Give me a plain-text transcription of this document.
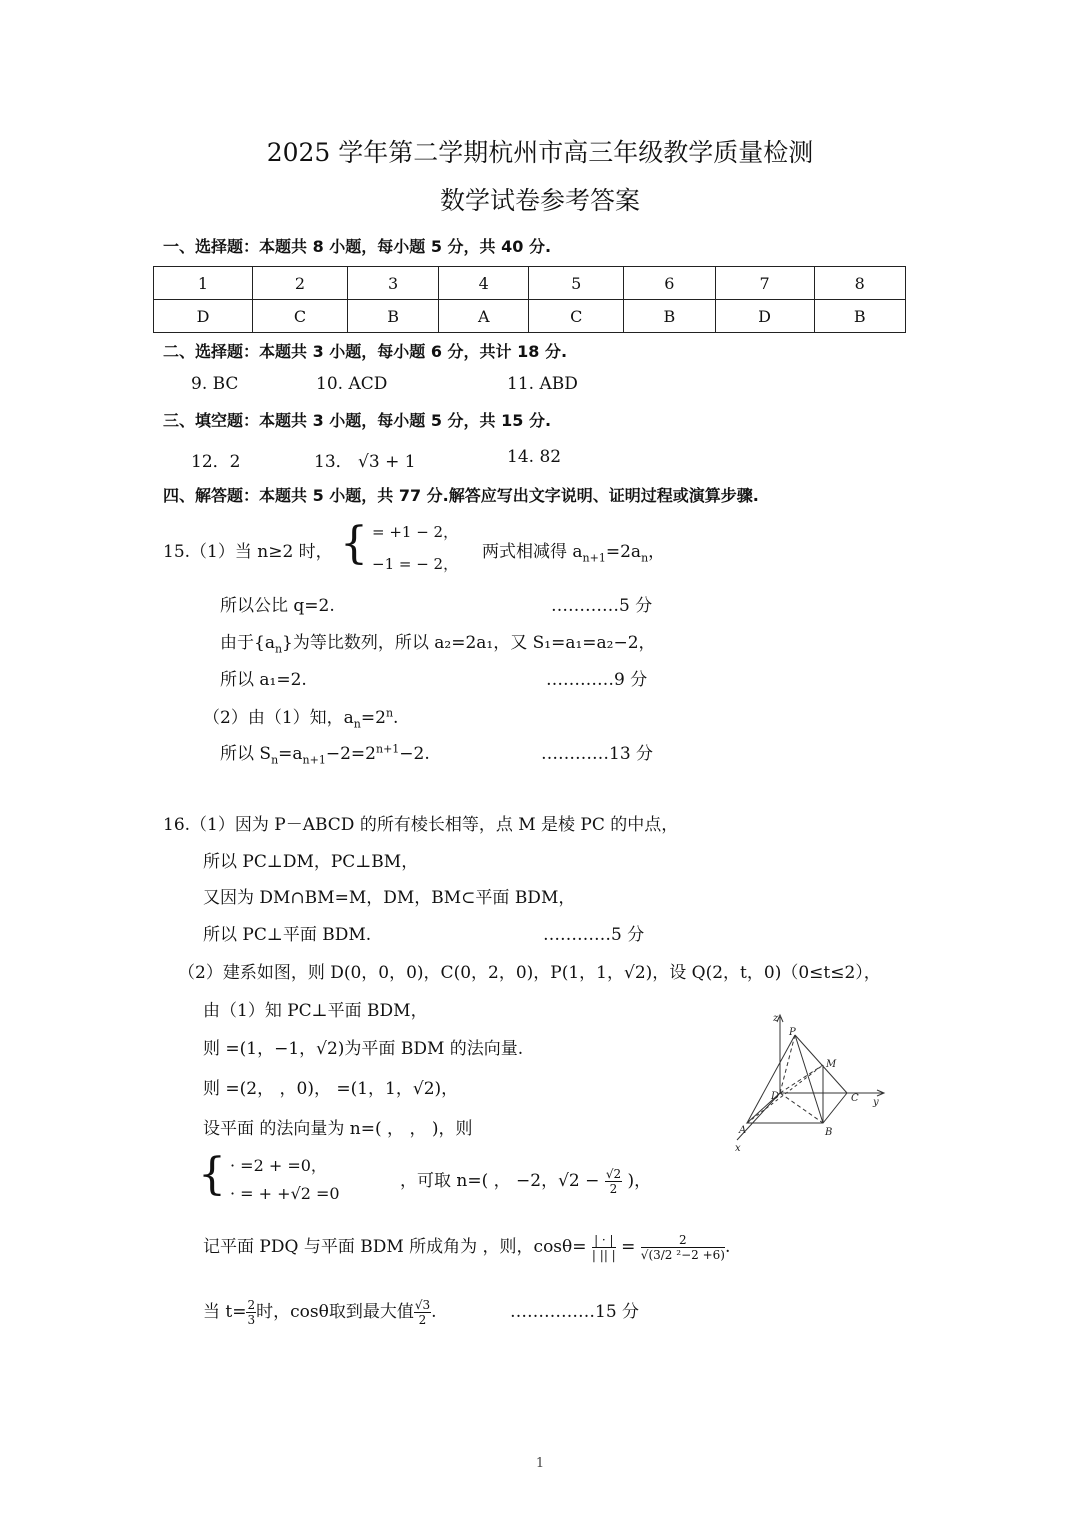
2025 学年第二学期杭州市高三年级教学质量检测
数学试卷参考答案
一、选择题：本题共 8 小题，每小题 5 分，共 40 分.
1	2	3	4	5	6	7	8
D	C	B	A	C	B	D	B
二、选择题：本题共 3 小题，每小题 6 分，共计 18 分.
9. BC	10. ACD	11. ABD
三、填空题：本题共 3 小题，每小题 5 分，共 15 分.
12．2	13． √3 + 1	14. 82
四、解答题：本题共 5 小题，共 77 分.解答应写出文字说明、证明过程或演算步骤.
15.（1）当 n≥2 时， { = +1 − 2，
−1 = − 2，
两式相减得 $a_{n+1}=2a_n$，
所以公比 q=2.	…………5 分
由于$\{a_n\}$为等比数列，所以 a₂=2a₁，又 S₁=a₁=a₂−2，
所以 a₁=2.	…………9 分
（2）由（1）知，$a_n=2^n$.
所以 $S_n=a_{n+1}-2=2^{n+1}-2$.	…………13 分
16.（1）因为 P－ABCD 的所有棱长相等，点 M 是棱 PC 的中点，
所以 PC⊥DM，PC⊥BM，
又因为 DM∩BM=M，DM，BM⊂平面 BDM，
所以 PC⊥平面 BDM.	…………5 分
（2）建系如图，则 D(0，0，0)，C(0，2，0)，P(1，1，√2)，设 Q(2，t，0)（0≤t≤2），
由（1）知 PC⊥平面 BDM，
则 =(1，−1，√2)为平面 BDM 的法向量.
则 =(2， ，0)， =(1，1，√2)，
设平面 的法向量为 n=( ， ， )，则
{ · =2 + =0，
· = + +√2 =0
，可取 n=( ， −2，$√2 - \frac{√2}{2}$ )，
记平面 PDQ 与平面 BDM 所成角为 ，则，$\cos\theta= \frac{| \cdot |}{| || |} = \frac{2}{\text{√(3/2 ²−2 +6)}}$.
当 $t= \frac{2}{3}$时，cosθ取到最大值 $\frac{√3}{2}$.	……………15 分
z
P
M
D	C y
A
x
B
1
